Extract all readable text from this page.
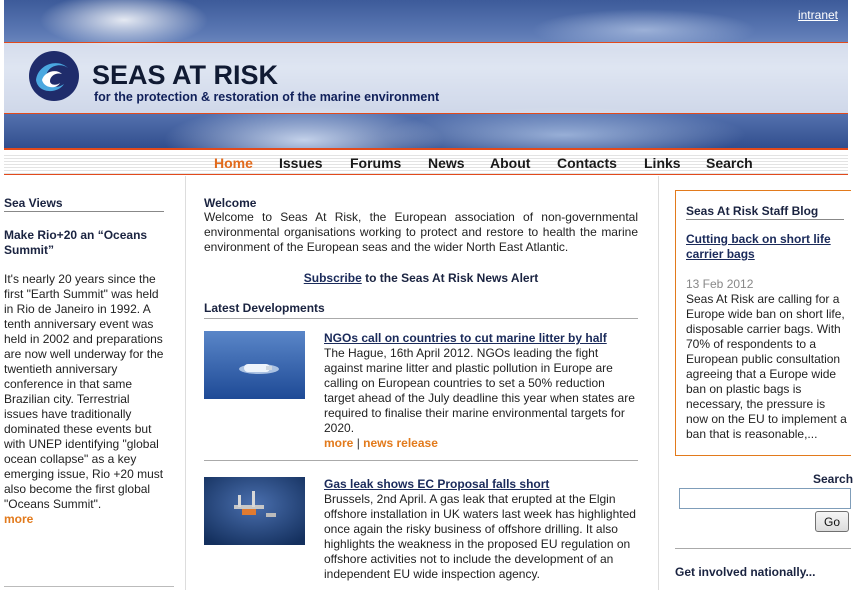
intranet
SEAS AT RISK
for the protection & restoration of the marine environment
Home Issues Forums News About Contacts Links Search
Sea Views
Make Rio+20 an “Oceans Summit”
It's nearly 20 years since the first "Earth Summit" was held in Rio de Janeiro in 1992. A tenth anniversary event was held in 2002 and preparations are now well underway for the twentieth anniversary conference in that same Brazilian city. Terrestrial issues have traditionally dominated these events but with UNEP identifying "global ocean collapse" as a key emerging issue, Rio +20 must also become the first global "Oceans Summit".
more
Welcome
Welcome to Seas At Risk, the European association of non-governmental environmental organisations working to protect and restore to health the marine environment of the European seas and the wider North East Atlantic.
Subscribe to the Seas At Risk News Alert
Latest Developments
NGOs call on countries to cut marine litter by half
The Hague, 16th April 2012. NGOs leading the fight against marine litter and plastic pollution in Europe are calling on European countries to set a 50% reduction target ahead of the July deadline this year when states are required to finalise their marine environmental targets for 2020.
more | news release
Gas leak shows EC Proposal falls short
Brussels, 2nd April. A gas leak that erupted at the Elgin offshore installation in UK waters last week has highlighted once again the risky business of offshore drilling. It also highlights the weakness in the proposed EU regulation on offshore activities not to include the development of an independent EU wide inspection agency.
Seas At Risk Staff Blog
Cutting back on short life carrier bags
13 Feb 2012
Seas At Risk are calling for a Europe wide ban on short life, disposable carrier bags. With 70% of respondents to a European public consultation agreeing that a Europe wide ban on plastic bags is necessary, the pressure is now on the EU to implement a ban that is reasonable,...
Search
Go
Get involved nationally...
